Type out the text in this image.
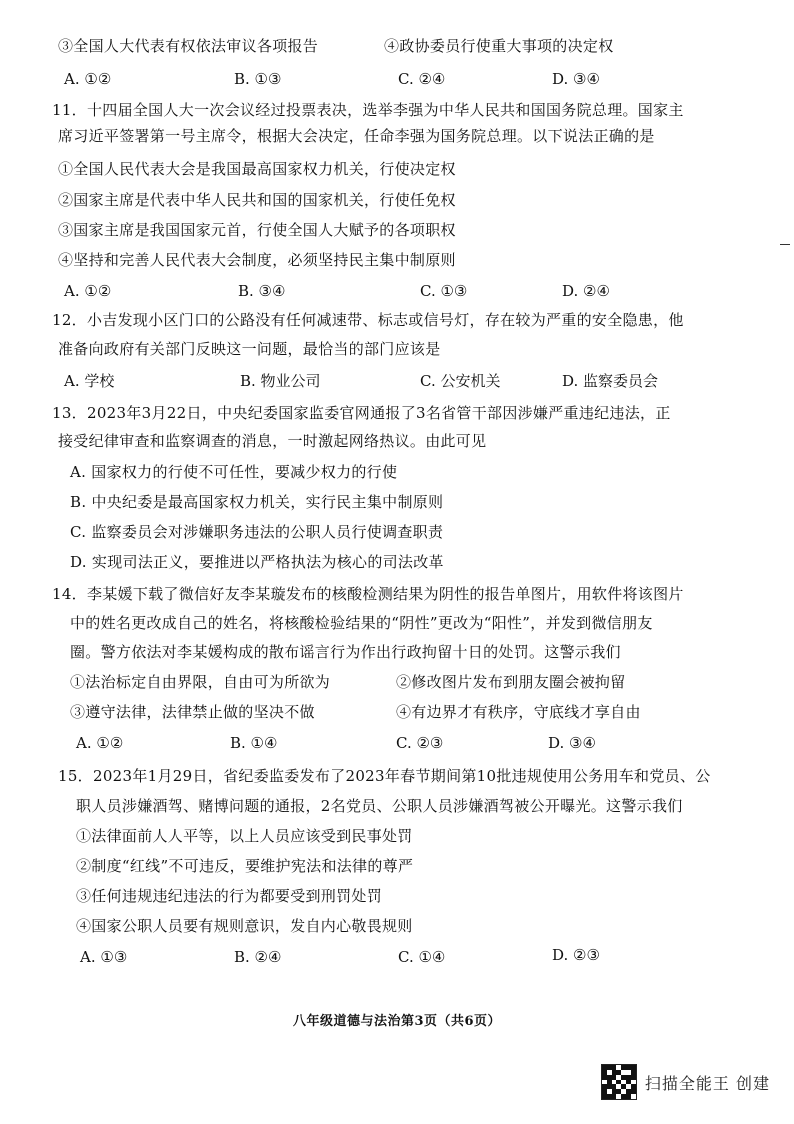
③全国人大代表有权依法审议各项报告	④政协委员行使重大事项的决定权
A. ①②	B. ①③	C. ②④	D. ③④
11．十四届全国人大一次会议经过投票表决，选举李强为中华人民共和国国务院总理。国家主
席习近平签署第一号主席令，根据大会决定，任命李强为国务院总理。以下说法正确的是
①全国人民代表大会是我国最高国家权力机关，行使决定权
②国家主席是代表中华人民共和国的国家机关，行使任免权
③国家主席是我国国家元首，行使全国人大赋予的各项职权
④坚持和完善人民代表大会制度，必须坚持民主集中制原则
A. ①②	B. ③④	C. ①③	D. ②④
12．小吉发现小区门口的公路没有任何减速带、标志或信号灯，存在较为严重的安全隐患，他
准备向政府有关部门反映这一问题，最恰当的部门应该是
A. 学校	B. 物业公司	C. 公安机关	D. 监察委员会
13．2023年3月22日，中央纪委国家监委官网通报了3名省管干部因涉嫌严重违纪违法，正
接受纪律审查和监察调查的消息，一时激起网络热议。由此可见
A. 国家权力的行使不可任性，要减少权力的行使
B. 中央纪委是最高国家权力机关，实行民主集中制原则
C. 监察委员会对涉嫌职务违法的公职人员行使调查职责
D. 实现司法正义，要推进以严格执法为核心的司法改革
14．李某媛下载了微信好友李某璇发布的核酸检测结果为阴性的报告单图片，用软件将该图片
中的姓名更改成自己的姓名，将核酸检验结果的“阴性”更改为“阳性”，并发到微信朋友
圈。警方依法对李某媛构成的散布谣言行为作出行政拘留十日的处罚。这警示我们
①法治标定自由界限，自由可为所欲为	②修改图片发布到朋友圈会被拘留
③遵守法律，法律禁止做的坚决不做	④有边界才有秩序，守底线才享自由
A. ①②	B. ①④	C. ②③	D. ③④
15．2023年1月29日，省纪委监委发布了2023年春节期间第10批违规使用公务用车和党员、公
职人员涉嫌酒驾、赌博问题的通报，2名党员、公职人员涉嫌酒驾被公开曝光。这警示我们
①法律面前人人平等，以上人员应该受到民事处罚
②制度“红线”不可违反，要维护宪法和法律的尊严
③任何违规违纪违法的行为都要受到刑罚处罚
④国家公职人员要有规则意识，发自内心敬畏规则
A. ①③	B. ②④	C. ①④	D. ②③
八年级道德与法治第3页（共6页）
扫描全能王 创建
